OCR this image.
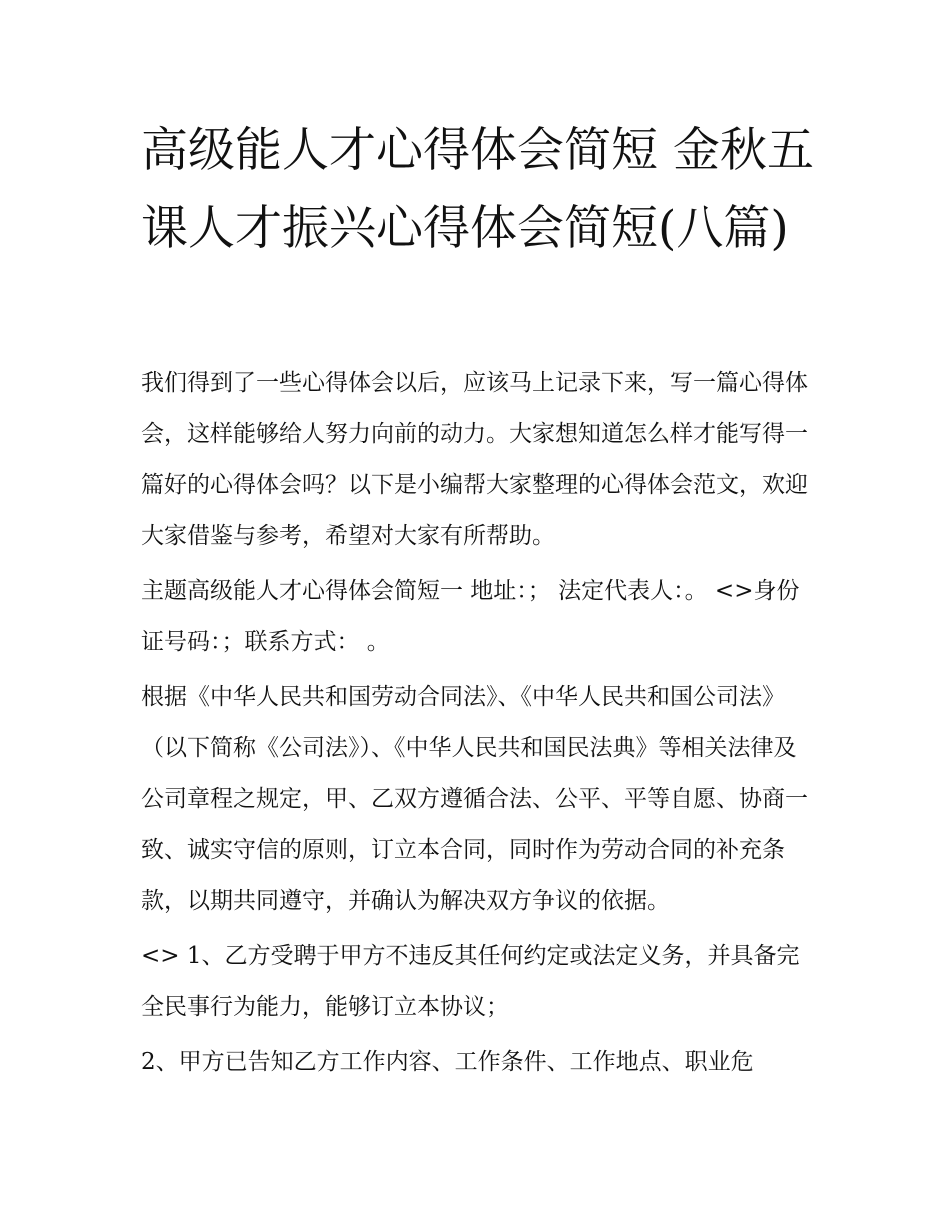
高级能人才心得体会简短 金秋五课人才振兴心得体会简短(八篇)

我们得到了一些心得体会以后，应该马上记录下来，写一篇心得体会，这样能够给人努力向前的动力。大家想知道怎么样才能写得一篇好的心得体会吗？以下是小编帮大家整理的心得体会范文，欢迎大家借鉴与参考，希望对大家有所帮助。

主题高级能人才心得体会简短一 地址：； 法定代表人：。 <>身份证号码：；联系方式： 。

根据《中华人民共和国劳动合同法》、《中华人民共和国公司法》（以下简称《公司法》）、《中华人民共和国民法典》等相关法律及公司章程之规定，甲、乙双方遵循合法、公平、平等自愿、协商一致、诚实守信的原则，订立本合同，同时作为劳动合同的补充条款，以期共同遵守，并确认为解决双方争议的依据。

<> 1、乙方受聘于甲方不违反其任何约定或法定义务，并具备完全民事行为能力，能够订立本协议；

2、甲方已告知乙方工作内容、工作条件、工作地点、职业危
